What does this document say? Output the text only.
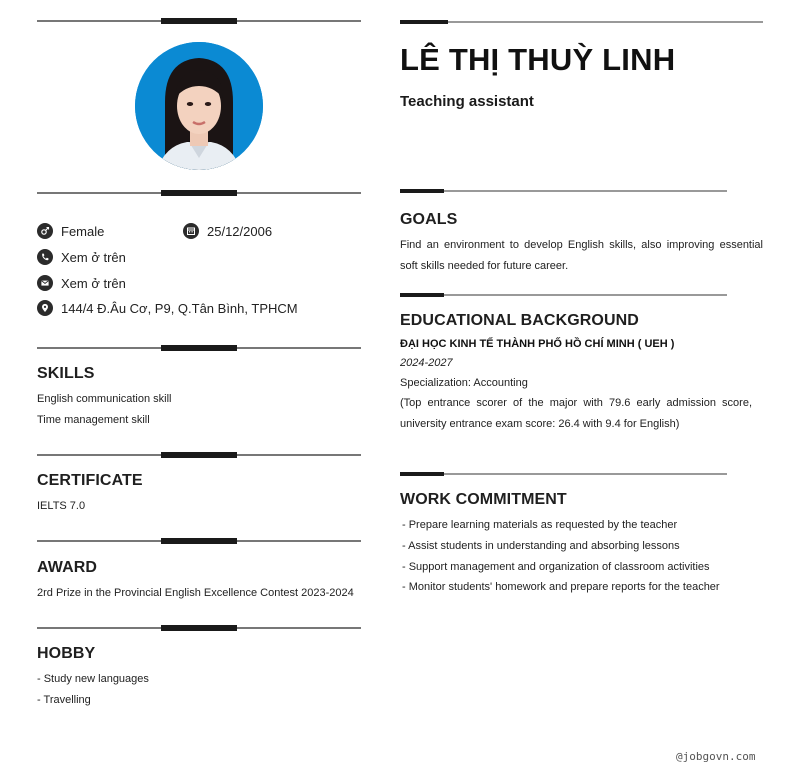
Female	25/12/2006
Xem ở trên
Xem ở trên
144/4 Đ.Âu Cơ, P9, Q.Tân Bình, TPHCM
SKILLS
English communication skill
Time management skill
CERTIFICATE
IELTS 7.0
AWARD
2rd Prize in the Provincial English Excellence Contest 2023-2024
HOBBY
- Study new languages
- Travelling
LÊ THỊ THUỲ LINH
Teaching assistant
GOALS
Find an environment to develop English skills, also improving essential soft skills needed for future career.
EDUCATIONAL BACKGROUND
ĐẠI HỌC KINH TẾ THÀNH PHỐ HỒ CHÍ MINH ( UEH )
2024-2027
Specialization: Accounting
(Top entrance scorer of the major with 79.6 early admission score, university entrance exam score: 26.4 with 9.4 for English)
WORK COMMITMENT
- Prepare learning materials as requested by the teacher
- Assist students in understanding and absorbing lessons
- Support management and organization of classroom activities
- Monitor students' homework and prepare reports for the teacher
@jobgovn.com
